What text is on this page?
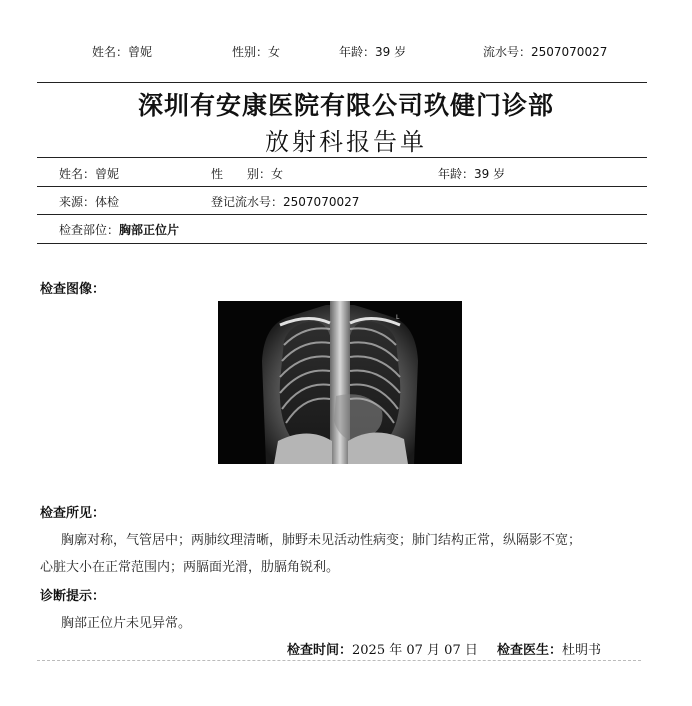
姓名：曾妮	性别：女	年龄：39 岁	流水号：2507070027
深圳有安康医院有限公司玖健门诊部
放射科报告单
姓名：曾妮	性　　别：女	年龄：39 岁
来源：体检	登记流水号：2507070027
检查部位：胸部正位片
检查图像：
L
检查所见：
胸廓对称，气管居中；两肺纹理清晰，肺野未见活动性病变；肺门结构正常，纵隔影不宽；
心脏大小在正常范围内；两膈面光滑，肋膈角锐利。
诊断提示：
胸部正位片未见异常。
检查时间：2025 年 07 月 07 日 检查医生：杜明书
